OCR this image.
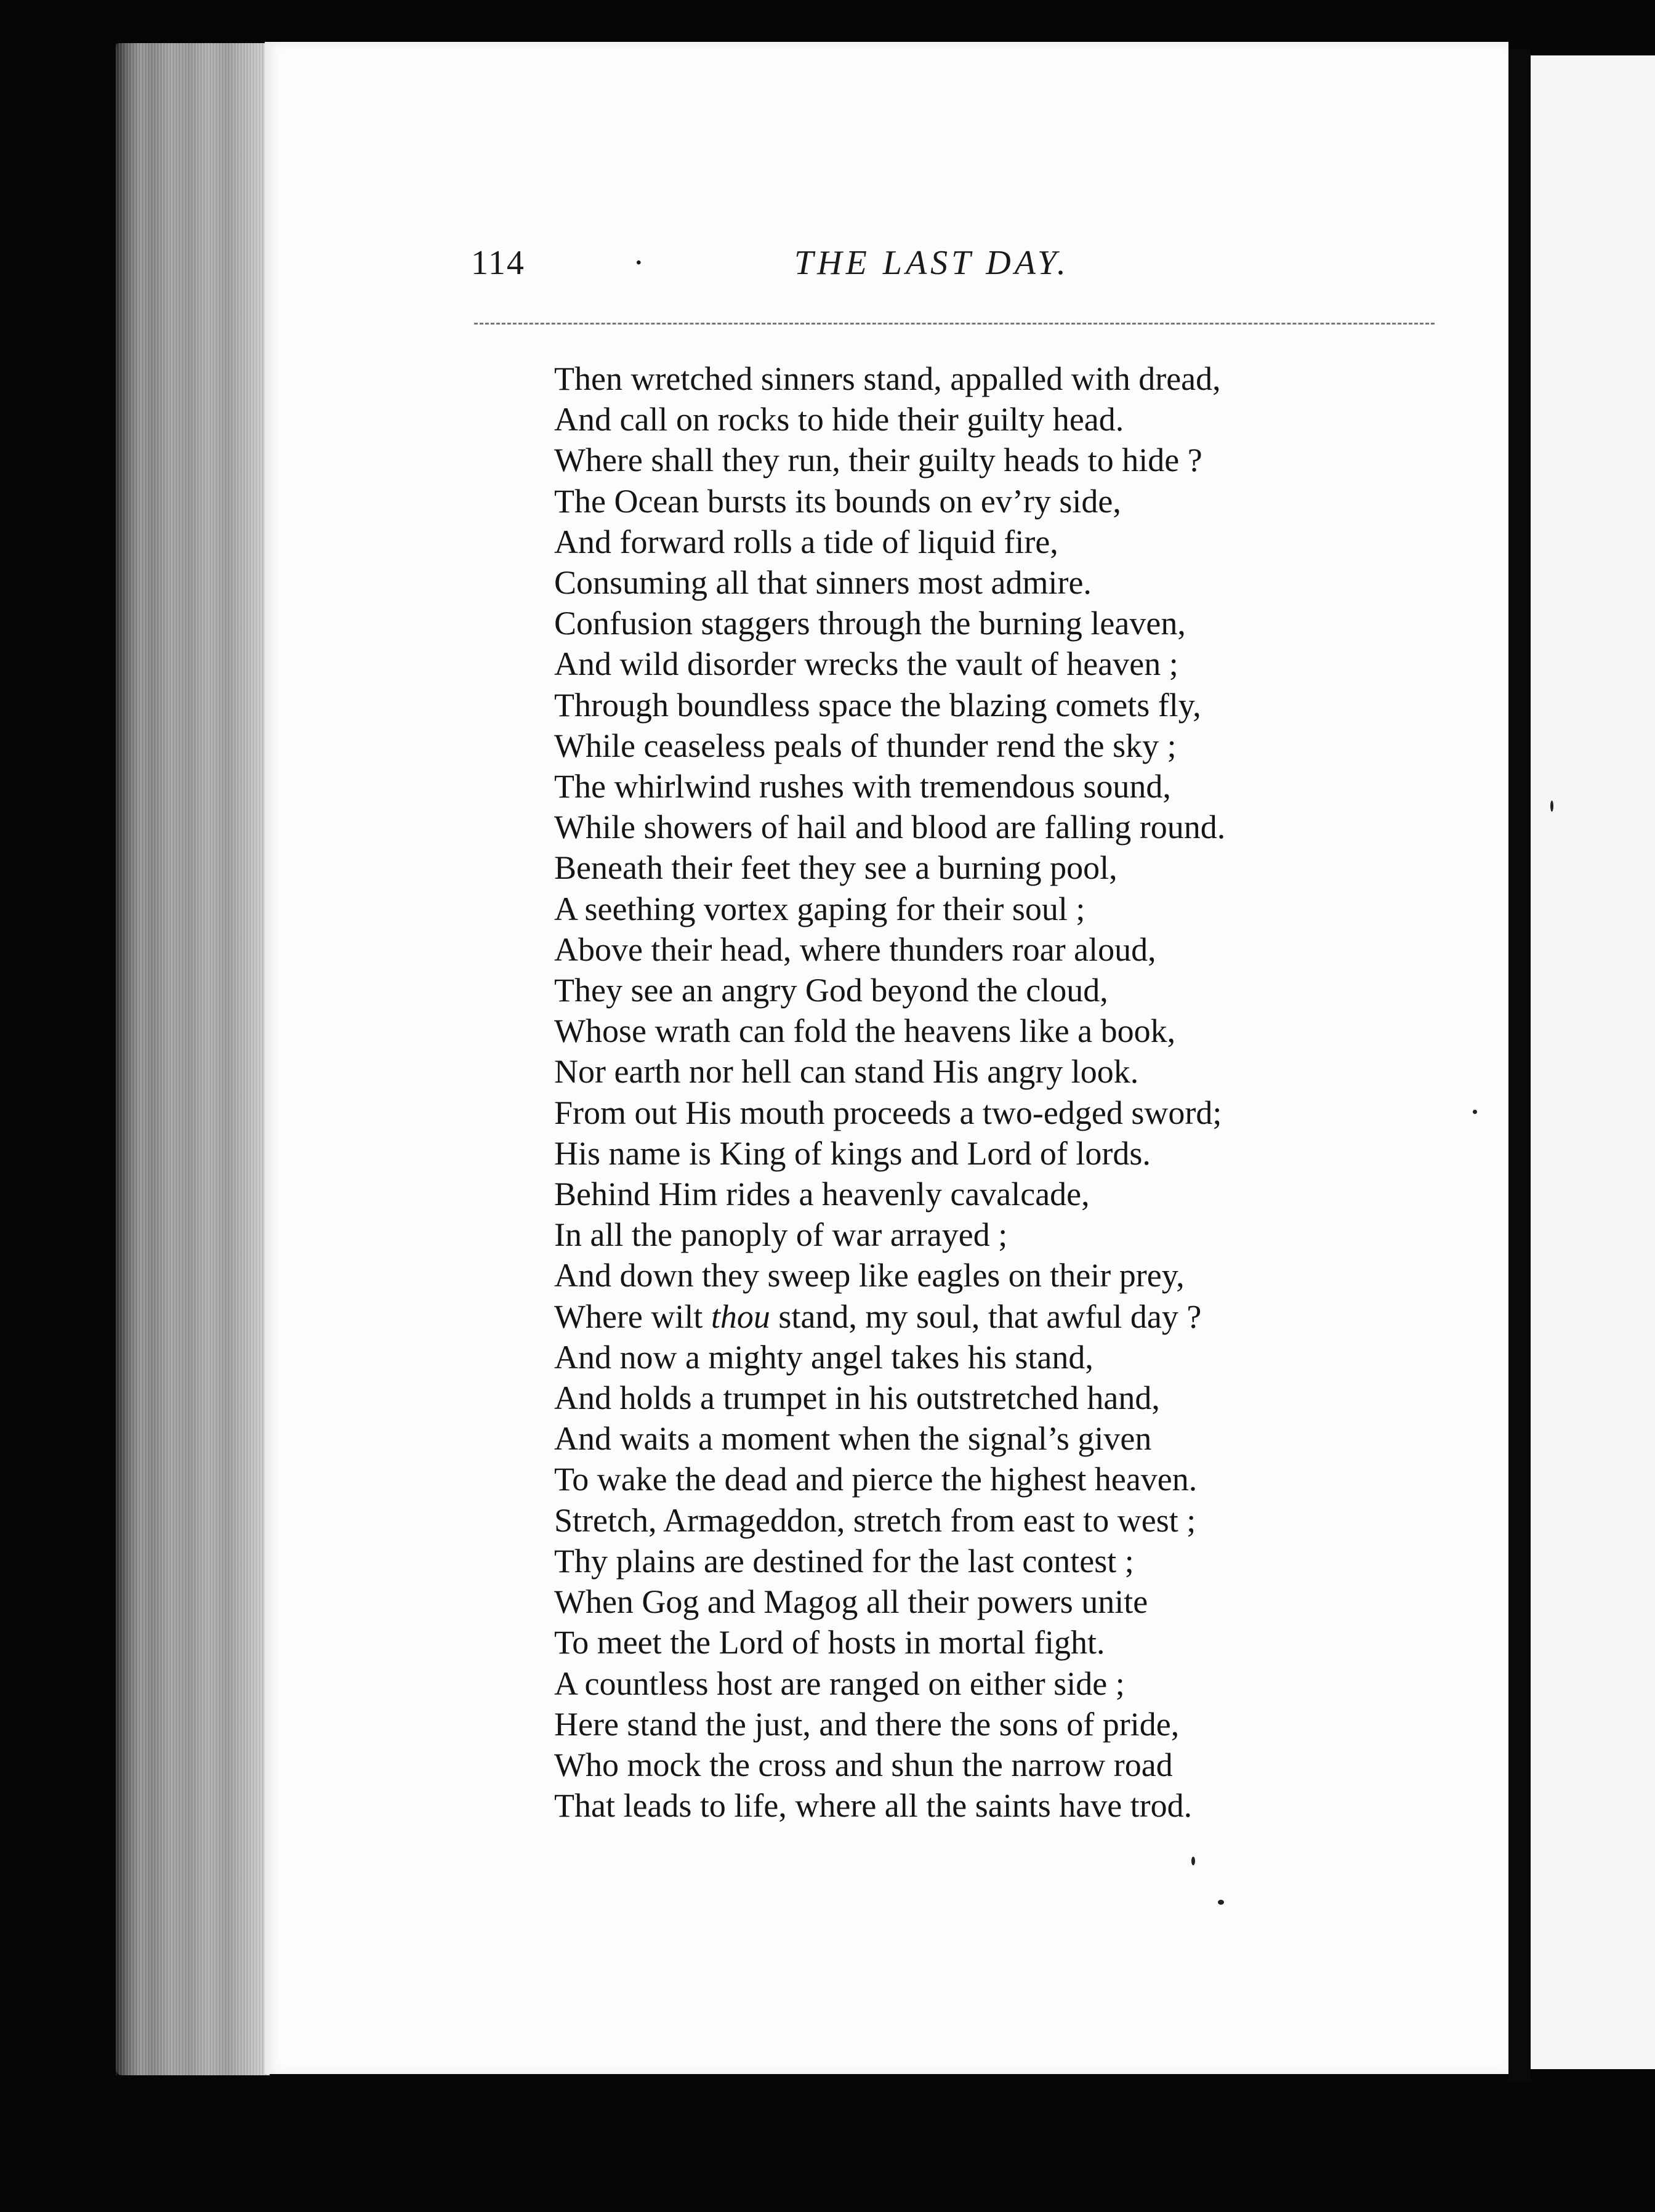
114	·	THE LAST DAY.
Then wretched sinners stand, appalled with dread,
And call on rocks to hide their guilty head.
Where shall they run, their guilty heads to hide ?
The Ocean bursts its bounds on ev’ry side,
And forward rolls a tide of liquid fire,
Consuming all that sinners most admire.
Confusion staggers through the burning leaven,
And wild disorder wrecks the vault of heaven ;
Through boundless space the blazing comets fly,
While ceaseless peals of thunder rend the sky ;
The whirlwind rushes with tremendous sound,
While showers of hail and blood are falling round.
Beneath their feet they see a burning pool,
A seething vortex gaping for their soul ;
Above their head, where thunders roar aloud,
They see an angry God beyond the cloud,
Whose wrath can fold the heavens like a book,
Nor earth nor hell can stand His angry look.
From out His mouth proceeds a two-edged sword;
His name is King of kings and Lord of lords.
Behind Him rides a heavenly cavalcade,
In all the panoply of war arrayed ;
And down they sweep like eagles on their prey,
Where wilt thou stand, my soul, that awful day ?
And now a mighty angel takes his stand,
And holds a trumpet in his outstretched hand,
And waits a moment when the signal’s given
To wake the dead and pierce the highest heaven.
Stretch, Armageddon, stretch from east to west ;
Thy plains are destined for the last contest ;
When Gog and Magog all their powers unite
To meet the Lord of hosts in mortal fight.
A countless host are ranged on either side ;
Here stand the just, and there the sons of pride,
Who mock the cross and shun the narrow road
That leads to life, where all the saints have trod.
